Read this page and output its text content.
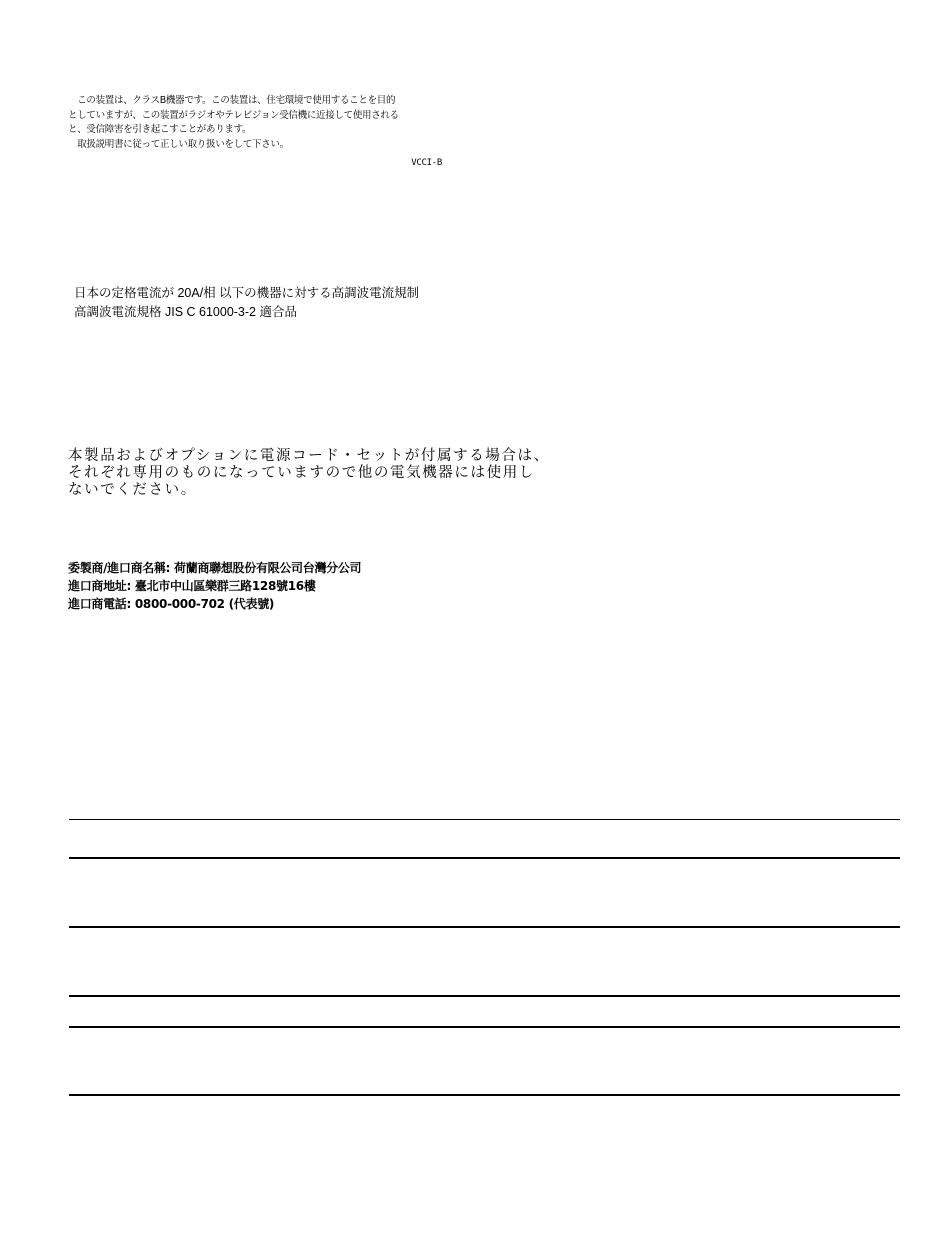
　この装置は、クラスB機器です。この装置は、住宅環境で使用することを目的
としていますが、この装置がラジオやテレビジョン受信機に近接して使用される
と、受信障害を引き起こすことがあります。
　取扱説明書に従って正しい取り扱いをして下さい。
VCCI-B
日本の定格電流が 20A/相 以下の機器に対する高調波電流規制
高調波電流規格 JIS C 61000-3-2 適合品
本製品およびオプションに電源コード・セットが付属する場合は、
それぞれ専用のものになっていますので他の電気機器には使用し
ないでください。
委製商/進口商名稱: 荷蘭商聯想股份有限公司台灣分公司
進口商地址: 臺北市中山區樂群三路128號16樓
進口商電話: 0800-000-702 (代表號)
